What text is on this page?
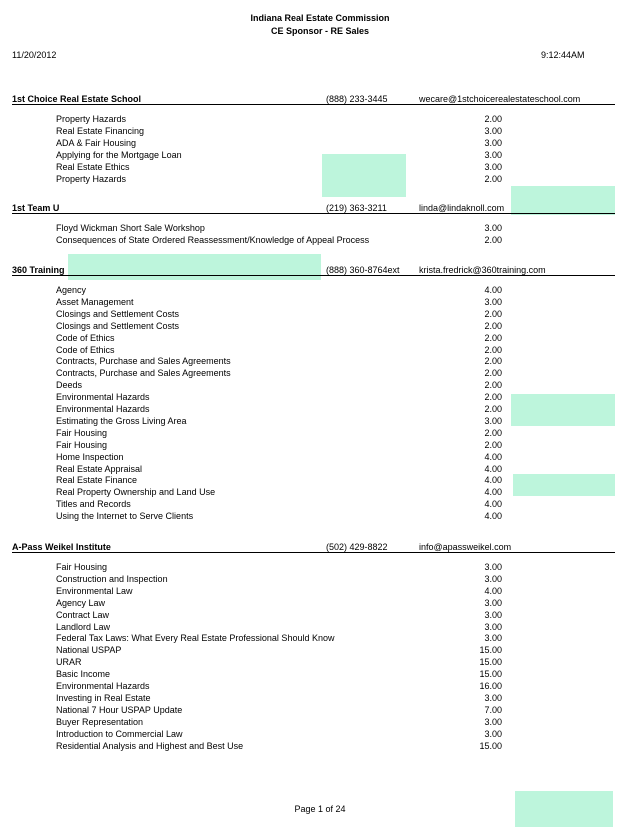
Indiana Real Estate Commission
CE Sponsor - RE Sales
11/20/2012	9:12:44AM
1st Choice Real Estate School	(888) 233-3445	wecare@1stchoicerealestateschool.com
Property Hazards	2.00
Real Estate Financing	3.00
ADA & Fair Housing	3.00
Applying for the Mortgage Loan	3.00
Real Estate Ethics	3.00
Property Hazards	2.00
1st Team U	(219) 363-3211	linda@lindaknoll.com
Floyd Wickman Short Sale Workshop	3.00
Consequences of State Ordered Reassessment/Knowledge of Appeal Process	2.00
360 Training	(888) 360-8764ext krista.fredrick@360training.com
Agency	4.00
Asset Management	3.00
Closings and Settlement Costs	2.00
Closings and Settlement Costs	2.00
Code of Ethics	2.00
Code of Ethics	2.00
Contracts, Purchase and Sales Agreements	2.00
Contracts, Purchase and Sales Agreements	2.00
Deeds	2.00
Environmental Hazards	2.00
Environmental Hazards	2.00
Estimating the Gross Living Area	3.00
Fair Housing	2.00
Fair Housing	2.00
Home Inspection	4.00
Real Estate Appraisal	4.00
Real Estate Finance	4.00
Real Property Ownership and Land Use	4.00
Titles and Records	4.00
Using the Internet to Serve Clients	4.00
A-Pass Weikel Institute	(502) 429-8822	info@apassweikel.com
Fair Housing	3.00
Construction and Inspection	3.00
Environmental Law	4.00
Agency Law	3.00
Contract Law	3.00
Landlord Law	3.00
Federal Tax Laws: What Every Real Estate Professional Should Know	3.00
National USPAP	15.00
URAR	15.00
Basic Income	15.00
Environmental Hazards	16.00
Investing in Real Estate	3.00
National 7 Hour USPAP Update	7.00
Buyer Representation	3.00
Introduction to Commercial Law	3.00
Residential Analysis and Highest and Best Use	15.00
Page 1 of 24
